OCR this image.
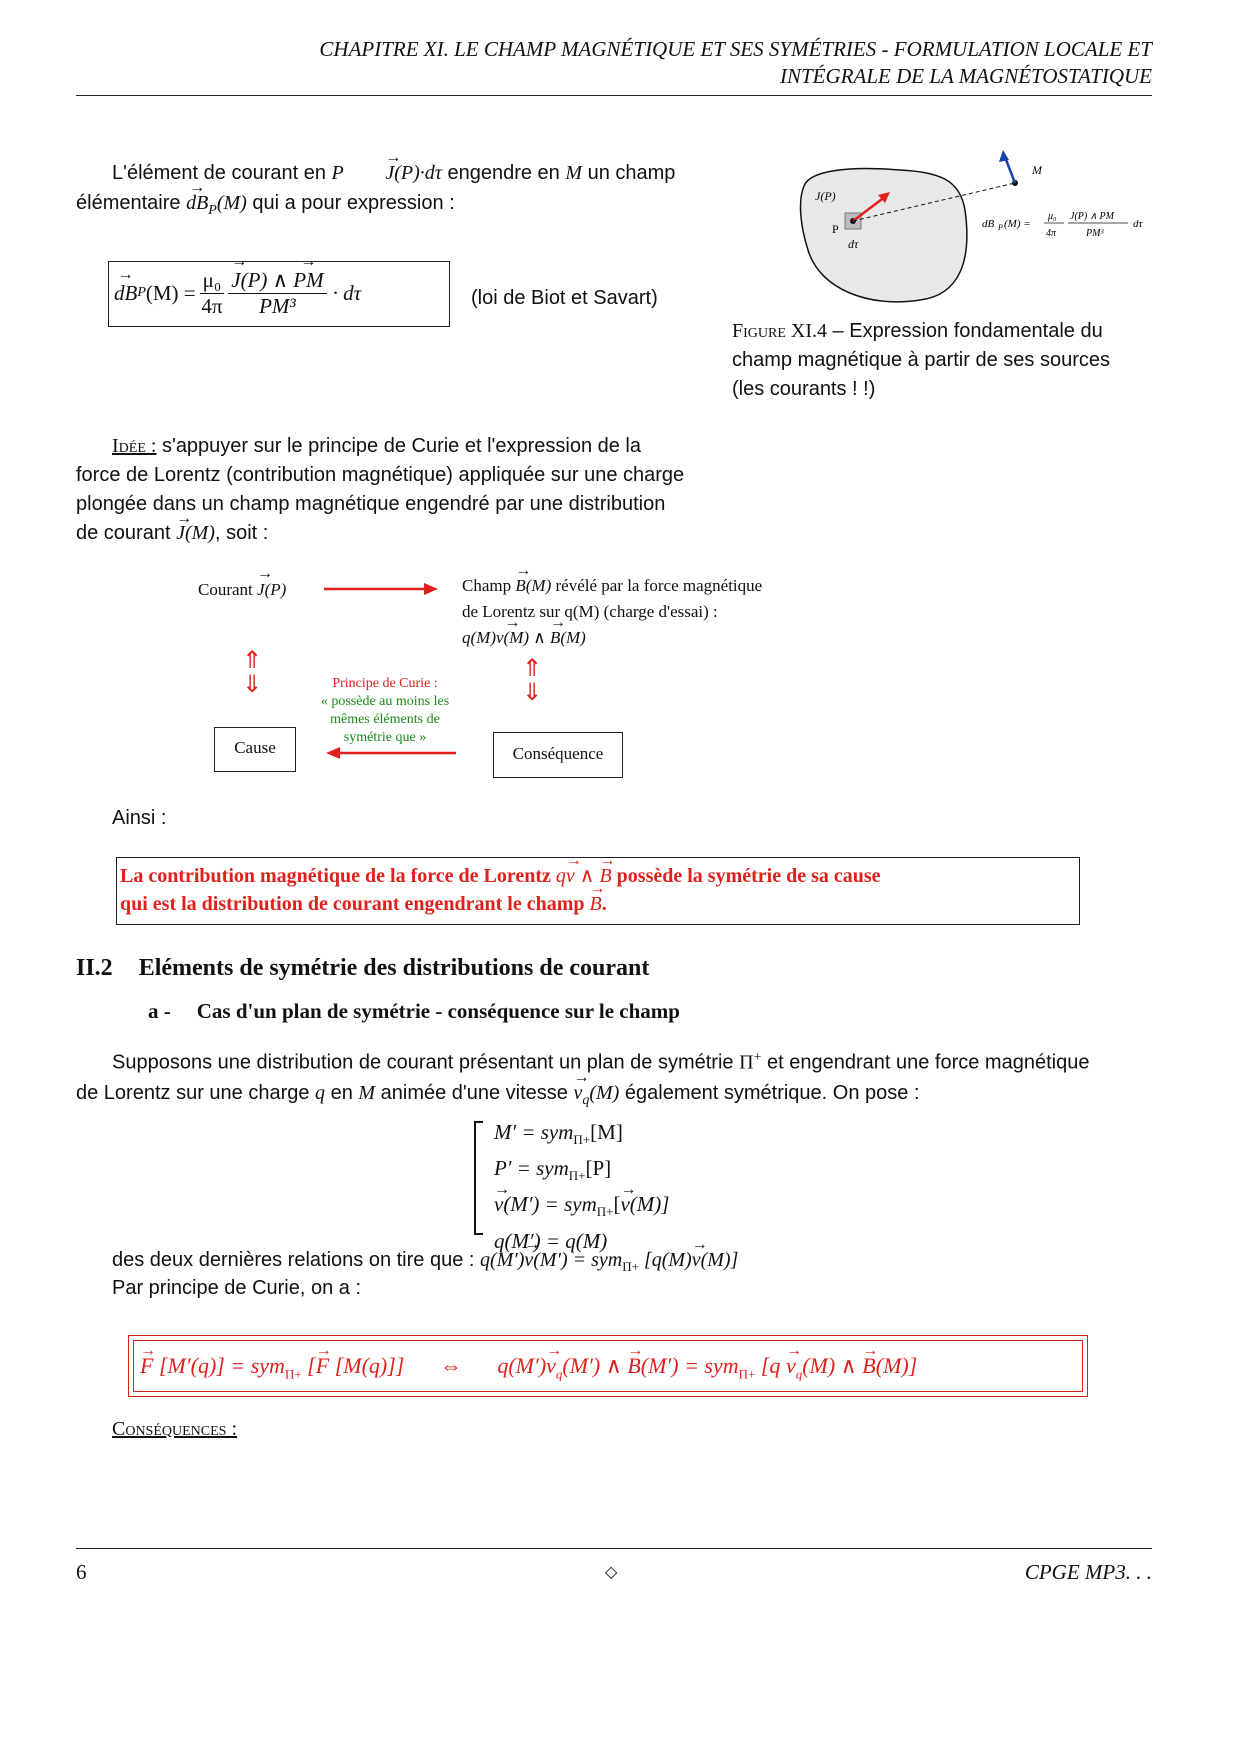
CHAPITRE XI. LE CHAMP MAGNÉTIQUE ET SES SYMÉTRIES - FORMULATION LOCALE ET
INTÉGRALE DE LA MAGNÉTOSTATIQUE
L'élément de courant en P → J(P)·dτ engendre en M un champ
élémentaire → $dB_P(M)$ qui a pour expression :
→ dB P $(M) = \frac{\text{μ₀}}{4\pi}$
→ $\frac{J(P) \wedge \to PM}{\text{PM³}} \cdot d\tau$	(loi de Biot et Savart)
J(P)
P
dτ
M
dB P (M) =
μ₀
4π
J(P) ∧ PM
PM³
dτ
Figure XI.4 – Expression fondamentale du
champ magnétique à partir de ses sources
(les courants ! !)
Idée : s'appuyer sur le principe de Curie et l'expression de la
force de Lorentz (contribution magnétique) appliquée sur une charge
plongée dans un champ magnétique engendré par une distribution
de courant → J(M), soit :
Courant → J(P)	Champ → B(M) révélé par la force magnétique
de Lorentz sur q(M) (charge d'essai) :
q(M)→ v(M) ∧ → B(M)
⇑
⇓
⇑
⇓
Principe de Curie :
« possède au moins les
mêmes éléments de
symétrie que »
Cause	Conséquence
Ainsi :
La contribution magnétique de la force de Lorentz q→ v ∧ → B possède la symétrie de sa cause
qui est la distribution de courant engendrant le champ → B.
II.2 Eléments de symétrie des distributions de courant
a - Cas d'un plan de symétrie - conséquence sur le champ
Supposons une distribution de courant présentant un plan de symétrie Π+ et engendrant une force magnétique
de Lorentz sur une charge q en M animée d'une vitesse → $v_q(M)$ également symétrique. On pose :
M′ = sym$_{\Pi+}$[M]
P′ = sym$_{\Pi+}$[P]
→ v(M′) = sym$_{\Pi+}$[→ v(M)]
q(M′) = q(M)
des deux dernières relations on tire que : q(M′)→ v(M′) = sym$_{\Pi+}$ [q(M)→ v(M)]
Par principe de Curie, on a :
→ F [M′(q)] = sym$_{\Pi+}$ [→ F [M(q)]] ⇔ $q(M')\to v_q(M')$ ∧ → B(M′) = sym$_{\Pi+}$ [$q \to v_q(M)$ ∧ → B(M)]
Conséquences :
6	◇	CPGE MP3. . .
